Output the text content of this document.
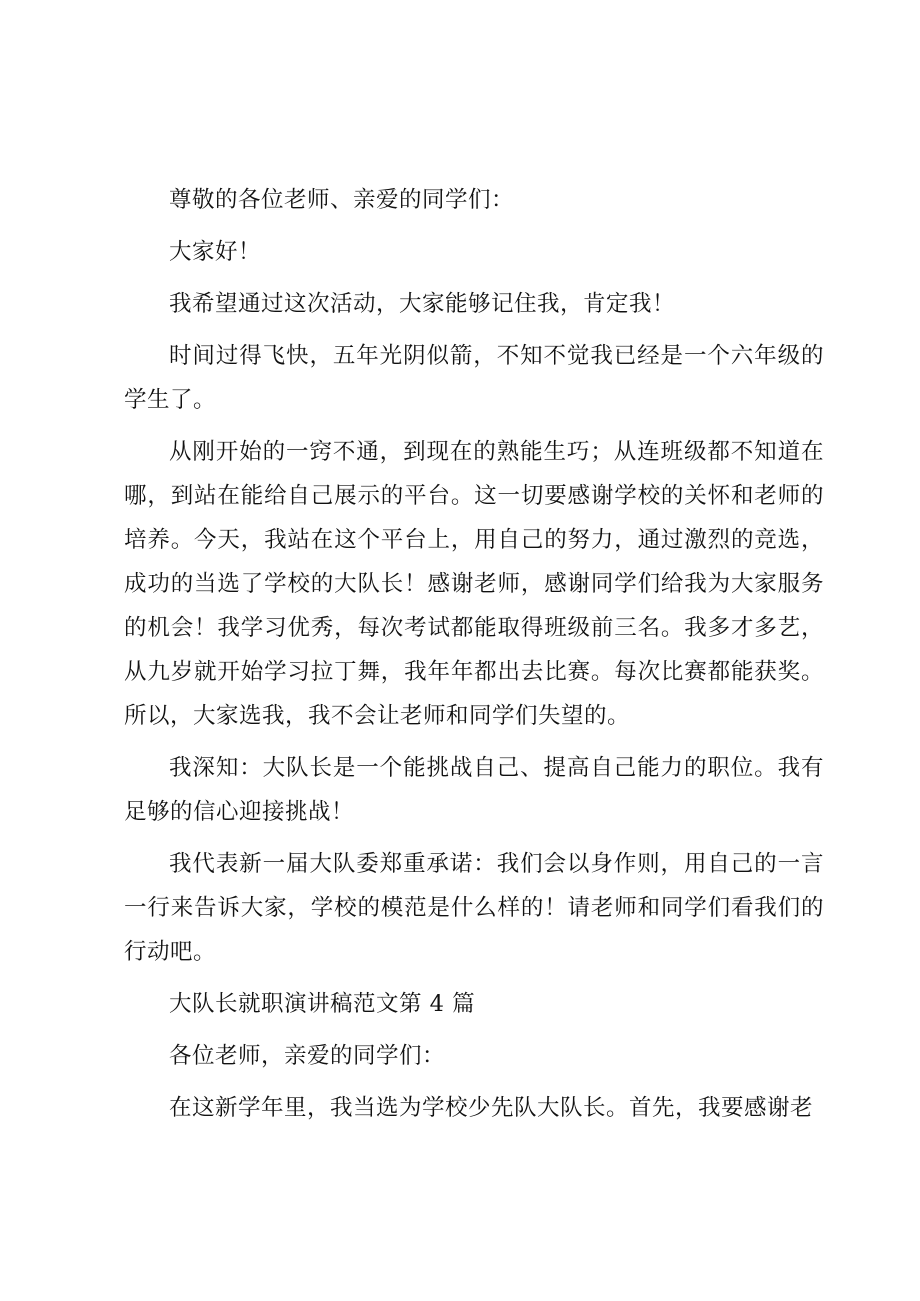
尊敬的各位老师、亲爱的同学们：

大家好！

我希望通过这次活动，大家能够记住我，肯定我！

时间过得飞快，五年光阴似箭，不知不觉我已经是一个六年级的学生了。

从刚开始的一窍不通，到现在的熟能生巧；从连班级都不知道在哪，到站在能给自己展示的平台。这一切要感谢学校的关怀和老师的培养。今天，我站在这个平台上，用自己的努力，通过激烈的竞选，成功的当选了学校的大队长！感谢老师，感谢同学们给我为大家服务的机会！我学习优秀，每次考试都能取得班级前三名。我多才多艺，从九岁就开始学习拉丁舞，我年年都出去比赛。每次比赛都能获奖。所以，大家选我，我不会让老师和同学们失望的。

我深知：大队长是一个能挑战自己、提高自己能力的职位。我有足够的信心迎接挑战！

我代表新一届大队委郑重承诺：我们会以身作则，用自己的一言一行来告诉大家，学校的模范是什么样的！请老师和同学们看我们的行动吧。

大队长就职演讲稿范文第 4 篇

各位老师，亲爱的同学们：

在这新学年里，我当选为学校少先队大队长。首先，我要感谢老
